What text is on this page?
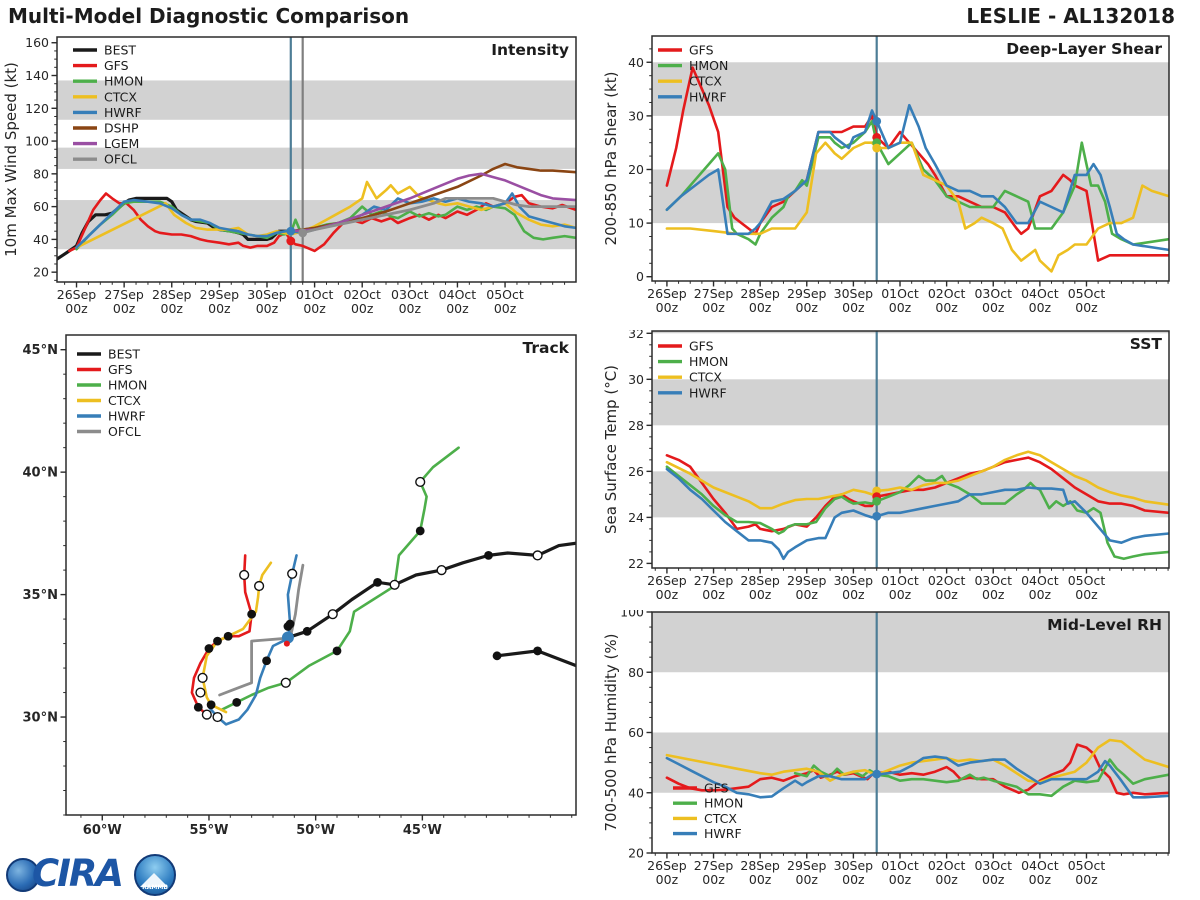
Multi-Model Diagnostic Comparison	LESLIE - AL132018
26Sep
00z
27Sep
00z
28Sep
00z
29Sep
00z
30Sep
00z
01Oct
00z
02Oct
00z
03Oct
00z
04Oct
00z
05Oct
00z
20
40
60
80
100
120
140
160
10m Max Wind Speed (kt)
Intensity
BEST
GFS
HMON
CTCX
HWRF
DSHP
LGEM
OFCL
26Sep
00z
27Sep
00z
28Sep
00z
29Sep
00z
30Sep
00z
01Oct
00z
02Oct
00z
03Oct
00z
04Oct
00z
05Oct
00z
0
10
20
30
40
200-850 hPa Shear (kt)
Deep-Layer Shear
GFS
HMON
CTCX
HWRF
60°W	55°W	50°W	45°W
30°N
35°N
40°N
45°N	Track
BEST
GFS
HMON
CTCX
HWRF
OFCL
26Sep
00z
27Sep
00z
28Sep
00z
29Sep
00z
30Sep
00z
01Oct
00z
02Oct
00z
03Oct
00z
04Oct
00z
05Oct
00z
22
24
26
28
30
32
Sea Surface Temp (°C)
SST
GFS
HMON
CTCX
HWRF
26Sep
00z
27Sep
00z
28Sep
00z
29Sep
00z
30Sep
00z
01Oct
00z
02Oct
00z
03Oct
00z
04Oct
00z
05Oct
00z
20
40
60
80
100
700-500 hPa Humidity (%)
Mid-Level RH
GFS
HMON
CTCX
HWRF
CIRA	RAMMB
